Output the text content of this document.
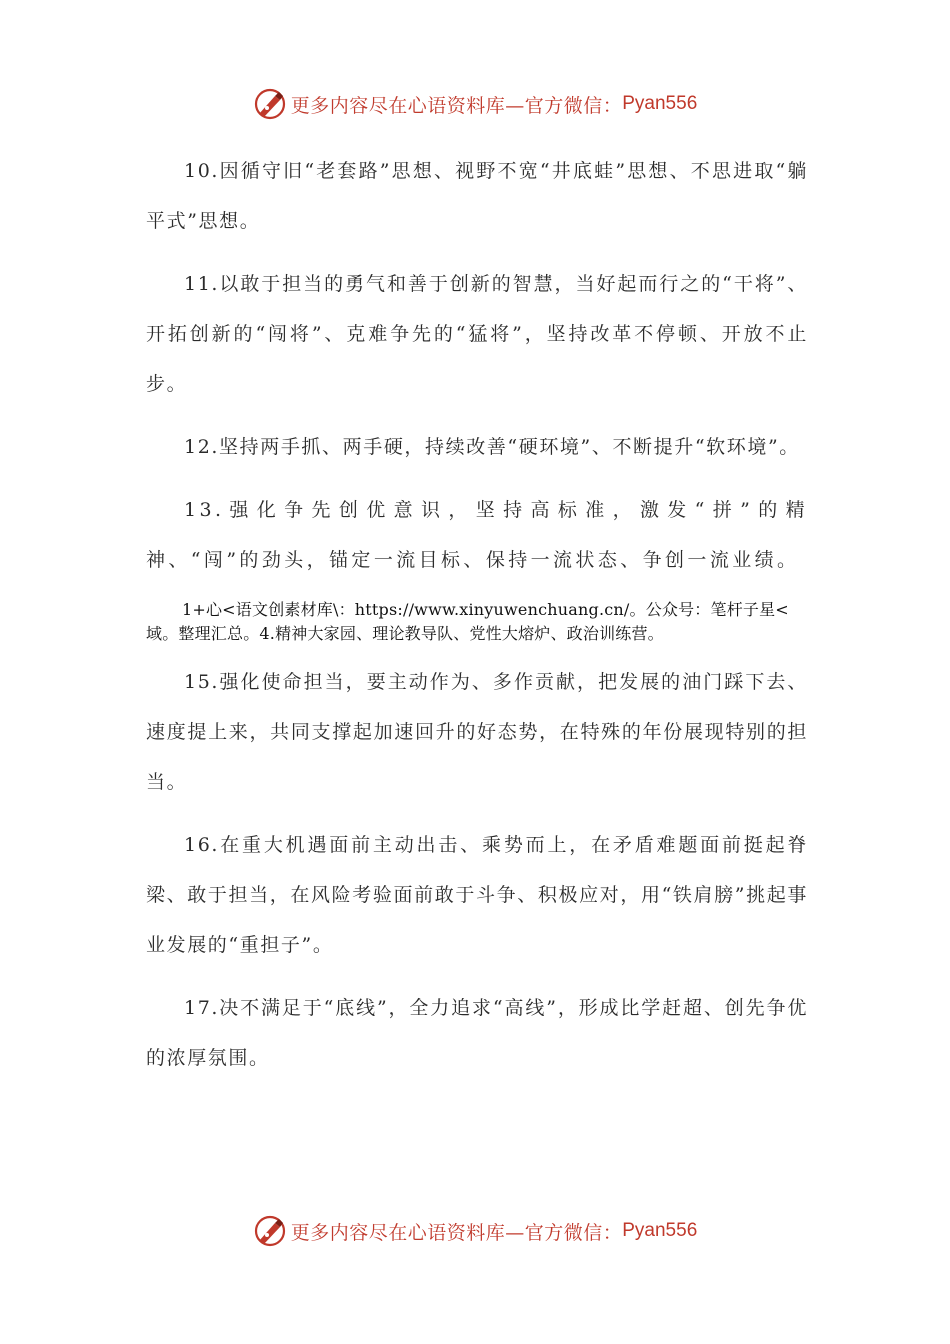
更多内容尽在心语资料库—官方微信： Pyan556

10.因循守旧“老套路”思想、视野不宽“井底蛙”思想、不思进取“躺平式”思想。

11.以敢于担当的勇气和善于创新的智慧，当好起而行之的“干将”、开拓创新的“闯将”、克难争先的“猛将”，坚持改革不停顿、开放不止步。

12.坚持两手抓、两手硬，持续改善“硬环境”、不断提升“软环境”。

13.强化争先创优意识，坚持高标准，激发“拼”的精神、“闯”的劲头，锚定一流目标、保持一流状态、争创一流业绩。

1+心<语文创素材库\：https://www.xinyuwenchuang.cn/。公众号：笔杆子星<域。整理汇总。4.精神大家园、理论教导队、党性大熔炉、政治训练营。

15.强化使命担当，要主动作为、多作贡献，把发展的油门踩下去、速度提上来，共同支撑起加速回升的好态势，在特殊的年份展现特别的担当。

16.在重大机遇面前主动出击、乘势而上，在矛盾难题面前挺起脊梁、敢于担当，在风险考验面前敢于斗争、积极应对，用“铁肩膀”挑起事业发展的“重担子”。

17.决不满足于“底线”，全力追求“高线”，形成比学赶超、创先争优的浓厚氛围。

更多内容尽在心语资料库—官方微信： Pyan556
